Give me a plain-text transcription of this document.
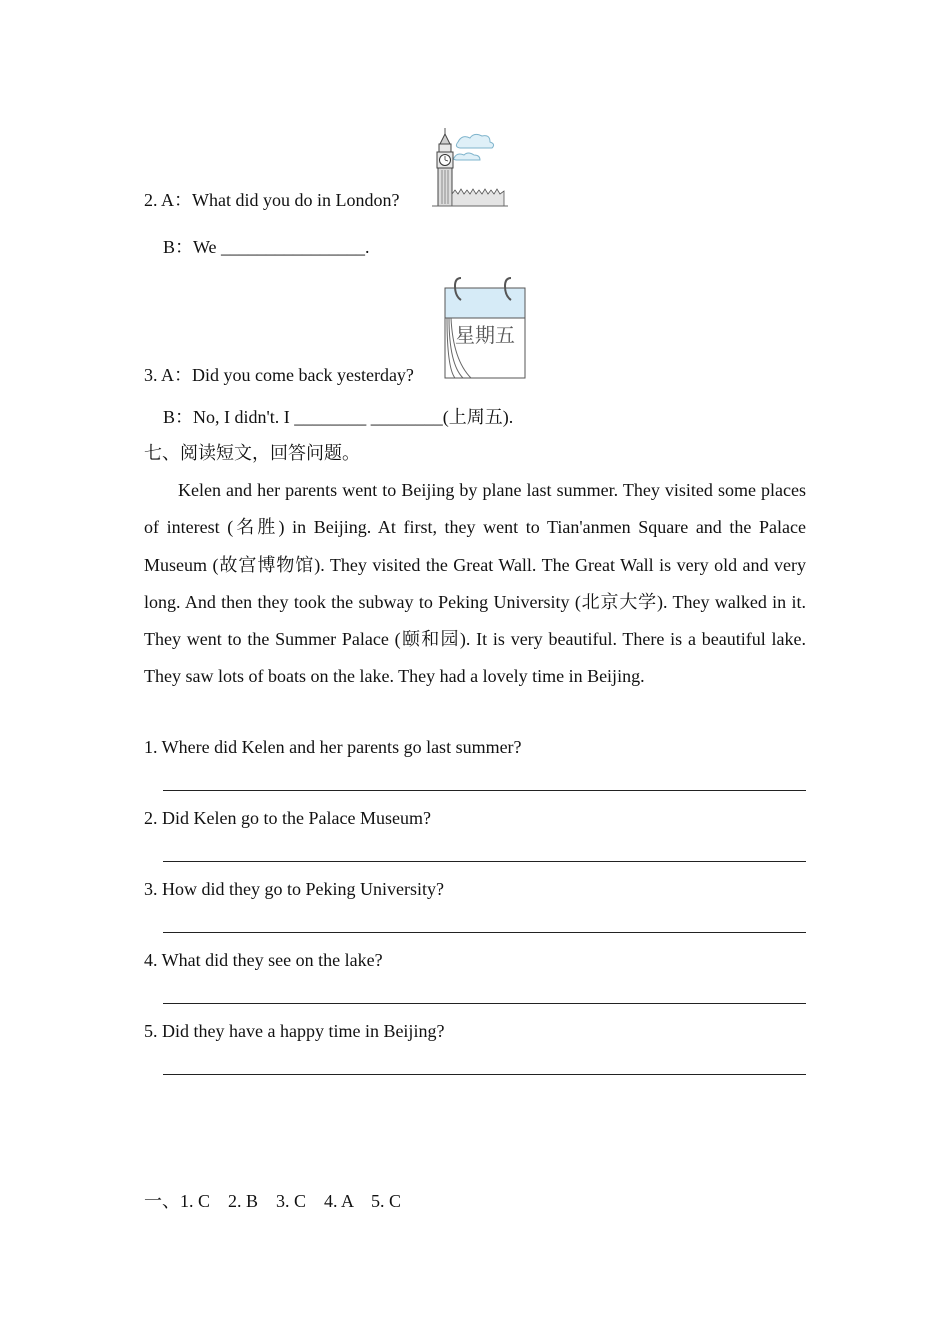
2. A：What did you do in London?
B：We ________________.
星期五
3. A：Did you come back yesterday?
B：No, I didn't. I ________ ________(上周五).
七、阅读短文，回答问题。
Kelen and her parents went to Beijing by plane last summer. They visited some places of interest (名胜) in Beijing. At first, they went to Tian'anmen Square and the Palace Museum (故宫博物馆). They visited the Great Wall. The Great Wall is very old and very long. And then they took the subway to Peking University (北京大学). They walked in it. They went to the Summer Palace (颐和园). It is very beautiful. There is a beautiful lake. They saw lots of boats on the lake. They had a lovely time in Beijing.
1. Where did Kelen and her parents go last summer?
2. Did Kelen go to the Palace Museum?
3. How did they go to Peking University?
4. What did they see on the lake?
5. Did they have a happy time in Beijing?
一、1. C　2. B　3. C　4. A　5. C
